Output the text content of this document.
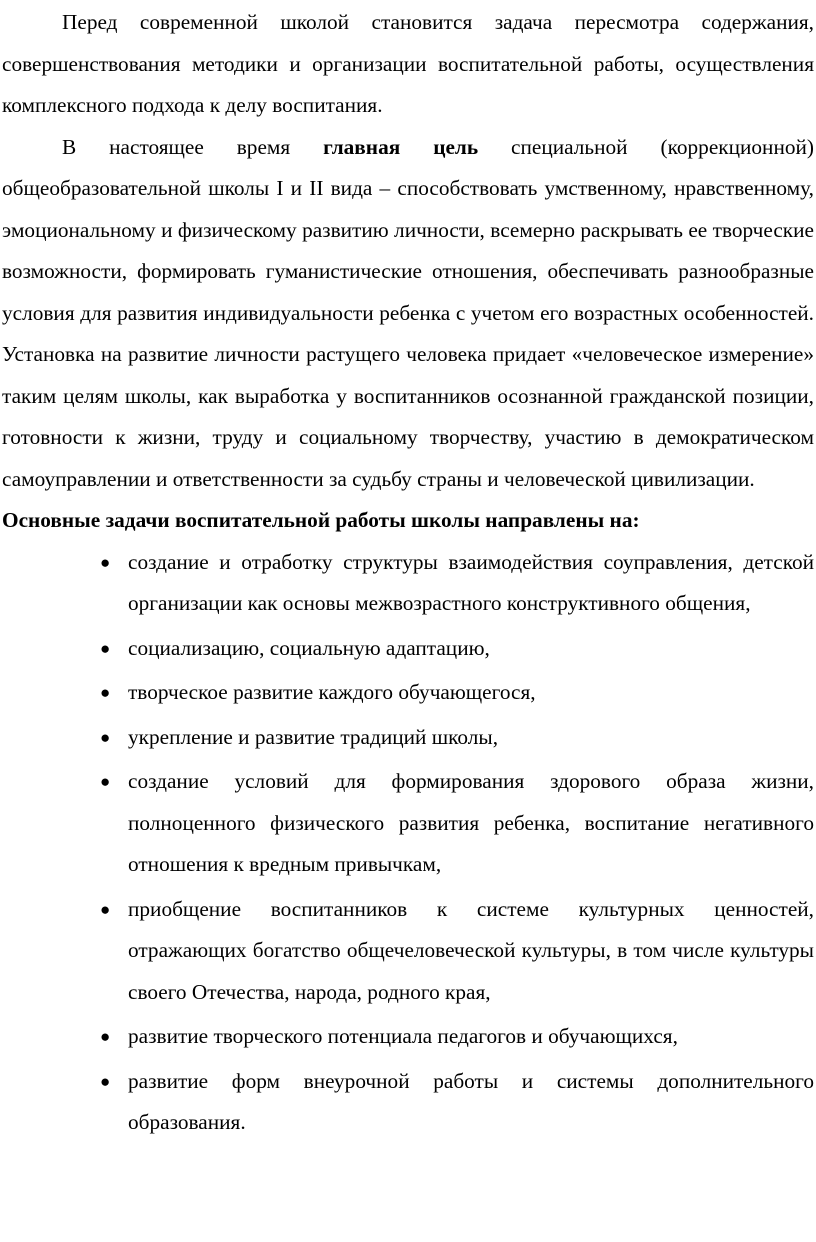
Перед современной школой становится задача пересмотра содержания, совершенствования методики и организации воспитательной работы, осуществления комплексного подхода к делу воспитания.

В настоящее время главная цель специальной (коррекционной) общеобразовательной школы I и II вида – способствовать умственному, нравственному, эмоциональному и физическому развитию личности, всемерно раскрывать ее творческие возможности, формировать гуманистические отношения, обеспечивать разнообразные условия для развития индивидуальности ребенка с учетом его возрастных особенностей. Установка на развитие личности растущего человека придает «человеческое измерение» таким целям школы, как выработка у воспитанников осознанной гражданской позиции, готовности к жизни, труду и социальному творчеству, участию в демократическом самоуправлении и ответственности за судьбу страны и человеческой цивилизации.

Основные задачи воспитательной работы школы направлены на:

● создание и отработку структуры взаимодействия соуправления, детской организации как основы межвозрастного конструктивного общения,
● социализацию, социальную адаптацию,
● творческое развитие каждого обучающегося,
● укрепление и развитие традиций школы,
● создание условий для формирования здорового образа жизни, полноценного физического развития ребенка, воспитание негативного отношения к вредным привычкам,
● приобщение воспитанников к системе культурных ценностей, отражающих богатство общечеловеческой культуры, в том числе культуры своего Отечества, народа, родного края,
● развитие творческого потенциала педагогов и обучающихся,
● развитие форм внеурочной работы и системы дополнительного образования.
